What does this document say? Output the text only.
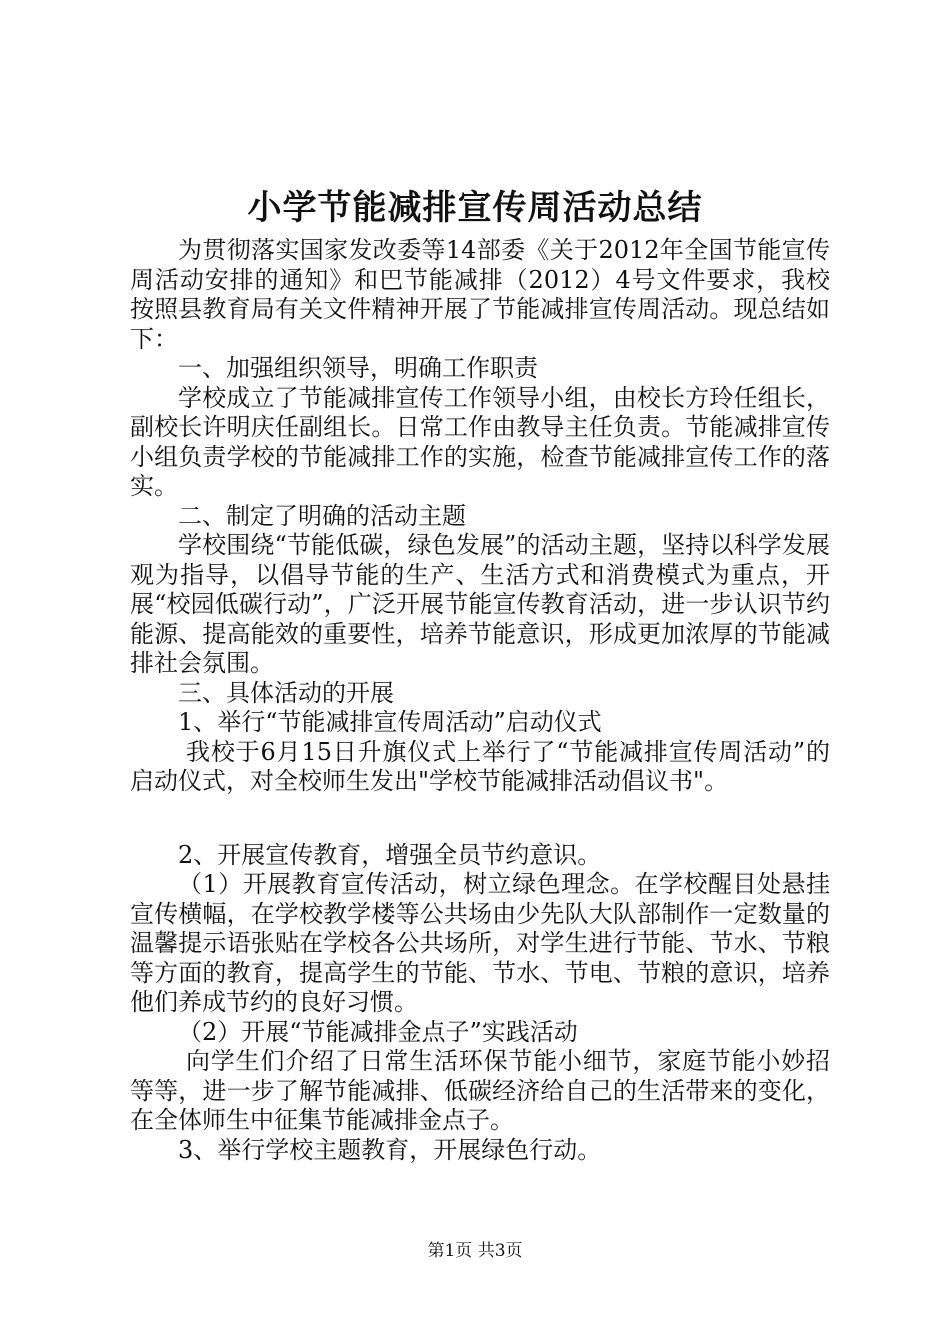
小学节能减排宣传周活动总结

为贯彻落实国家发改委等14部委《关于2012年全国节能宣传周活动安排的通知》和巴节能减排（2012）4号文件要求，我校按照县教育局有关文件精神开展了节能减排宣传周活动。现总结如下：

一、加强组织领导，明确工作职责

学校成立了节能减排宣传工作领导小组，由校长方玲任组长，副校长许明庆任副组长。日常工作由教导主任负责。节能减排宣传小组负责学校的节能减排工作的实施，检查节能减排宣传工作的落实。

二、制定了明确的活动主题

学校围绕“节能低碳，绿色发展”的活动主题，坚持以科学发展观为指导，以倡导节能的生产、生活方式和消费模式为重点，开展“校园低碳行动”，广泛开展节能宣传教育活动，进一步认识节约能源、提高能效的重要性，培养节能意识，形成更加浓厚的节能减排社会氛围。

三、具体活动的开展

1、举行“节能减排宣传周活动”启动仪式

我校于6月15日升旗仪式上举行了“节能减排宣传周活动”的启动仪式，对全校师生发出"学校节能减排活动倡议书"。

2、开展宣传教育，增强全员节约意识。

（1）开展教育宣传活动，树立绿色理念。在学校醒目处悬挂宣传横幅，在学校教学楼等公共场由少先队大队部制作一定数量的温馨提示语张贴在学校各公共场所，对学生进行节能、节水、节粮等方面的教育，提高学生的节能、节水、节电、节粮的意识，培养他们养成节约的良好习惯。

（2）开展“节能减排金点子”实践活动

向学生们介绍了日常生活环保节能小细节，家庭节能小妙招等等，进一步了解节能减排、低碳经济给自己的生活带来的变化，在全体师生中征集节能减排金点子。

3、举行学校主题教育，开展绿色行动。

第1页 共3页
